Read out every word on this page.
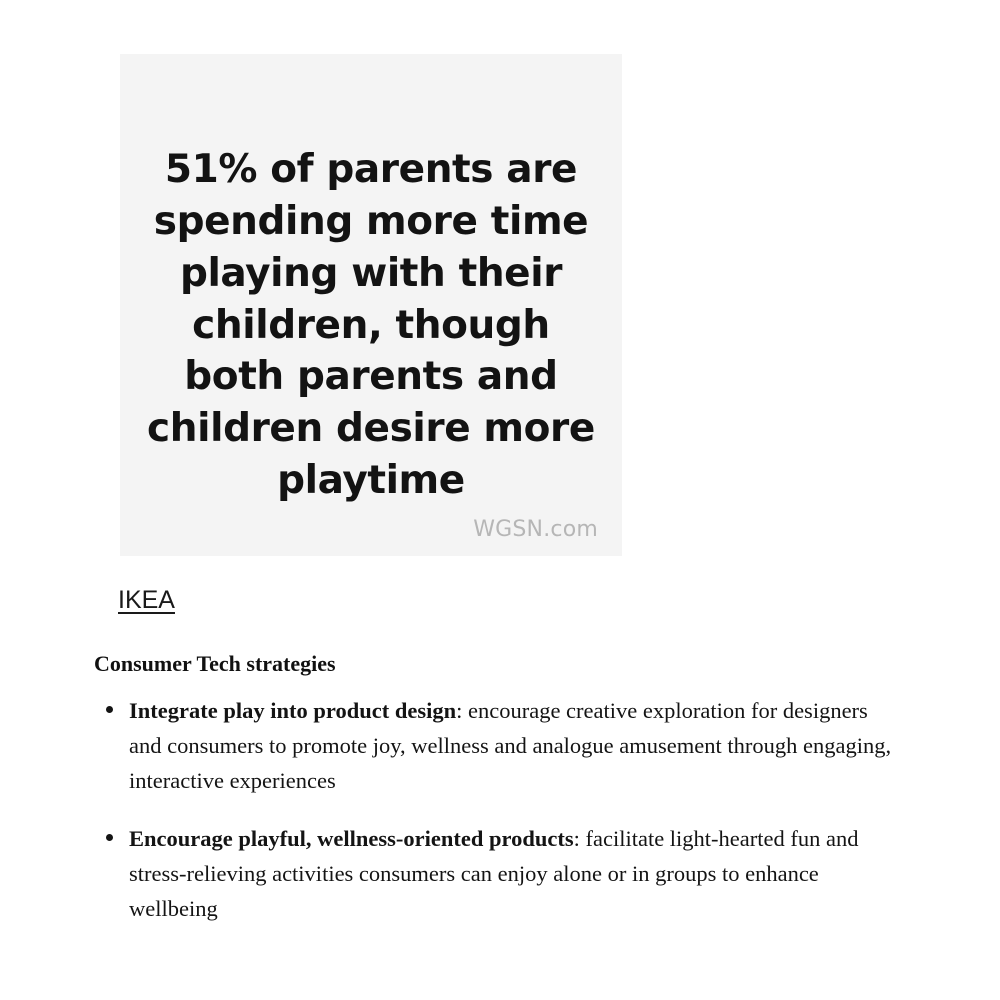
51% of parents are spending more time playing with their children, though both parents and children desire more playtime
WGSN.com
IKEA
Consumer Tech strategies
Integrate play into product design: encourage creative exploration for designers and consumers to promote joy, wellness and analogue amusement through engaging, interactive experiences
Encourage playful, wellness-oriented products: facilitate light-hearted fun and stress-relieving activities consumers can enjoy alone or in groups to enhance wellbeing
